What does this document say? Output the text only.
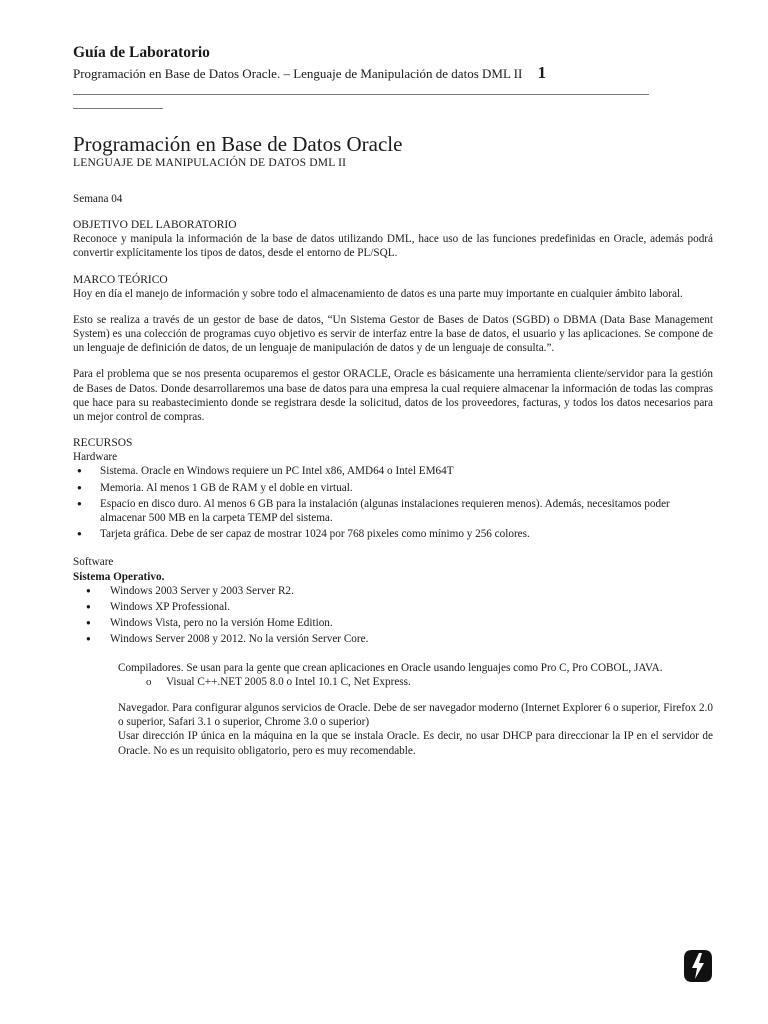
Guía de Laboratorio
Programación en Base de Datos Oracle. – Lenguaje de Manipulación de datos DML II 1
________________________________________________________________________________________________
_______________
Programación en Base de Datos Oracle
LENGUAJE DE MANIPULACIÓN DE DATOS DML II

Semana 04

OBJETIVO DEL LABORATORIO

Reconoce y manipula la información de la base de datos utilizando DML, hace uso de las funciones predefinidas en Oracle, además podrá convertir explícitamente los tipos de datos, desde el entorno de PL/SQL.

MARCO TEÓRICO

Hoy en día el manejo de información y sobre todo el almacenamiento de datos es una parte muy importante en cualquier ámbito laboral.

Esto se realiza a través de un gestor de base de datos, “Un Sistema Gestor de Bases de Datos (SGBD) o DBMA (Data Base Management System) es una colección de programas cuyo objetivo es servir de interfaz entre la base de datos, el usuario y las aplicaciones. Se compone de un lenguaje de definición de datos, de un lenguaje de manipulación de datos y de un lenguaje de consulta.”.

Para el problema que se nos presenta ocuparemos el gestor ORACLE, Oracle es básicamente una herramienta cliente/servidor para la gestión de Bases de Datos. Donde desarrollaremos una base de datos para una empresa la cual requiere almacenar la información de todas las compras que hace para su reabastecimiento donde se registrara desde la solicitud, datos de los proveedores, facturas, y todos los datos necesarios para un mejor control de compras.

RECURSOS

Hardware

● Sistema. Oracle en Windows requiere un PC Intel x86, AMD64 o Intel EM64T
● Memoria. Al menos 1 GB de RAM y el doble en virtual.
● Espacio en disco duro. Al menos 6 GB para la instalación (algunas instalaciones requieren menos). Además, necesitamos poder almacenar 500 MB en la carpeta TEMP del sistema.
● Tarjeta gráfica. Debe de ser capaz de mostrar 1024 por 768 pixeles como mínimo y 256 colores.

Software

Sistema Operativo.

● Windows 2003 Server y 2003 Server R2.
● Windows XP Professional.
● Windows Vista, pero no la versión Home Edition.
● Windows Server 2008 y 2012. No la versión Server Core.

Compiladores. Se usan para la gente que crean aplicaciones en Oracle usando lenguajes como Pro C, Pro COBOL, JAVA.

o Visual C++.NET 2005 8.0 o Intel 10.1 C, Net Express.

Navegador. Para configurar algunos servicios de Oracle. Debe de ser navegador moderno (Internet Explorer 6 o superior, Firefox 2.0 o superior, Safari 3.1 o superior, Chrome 3.0 o superior)

Usar dirección IP única en la máquina en la que se instala Oracle. Es decir, no usar DHCP para direccionar la IP en el servidor de Oracle. No es un requisito obligatorio, pero es muy recomendable.
